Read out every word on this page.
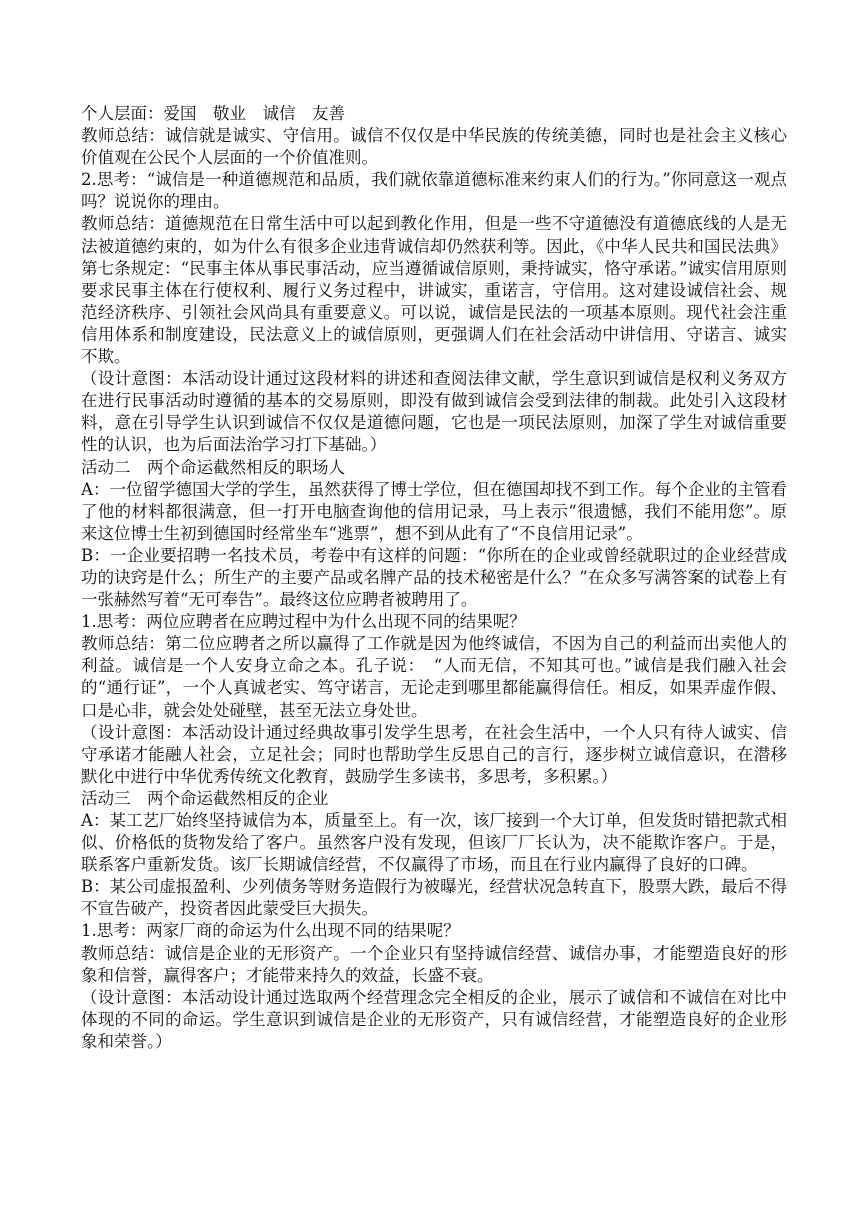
个人层面：爱国　敬业　诚信　友善
教师总结：诚信就是诚实、守信用。诚信不仅仅是中华民族的传统美德，同时也是社会主义核心价值观在公民个人层面的一个价值准则。
2.思考：“诚信是一种道德规范和品质，我们就依靠道德标准来约束人们的行为。”你同意这一观点吗？说说你的理由。
教师总结：道德规范在日常生活中可以起到教化作用，但是一些不守道德没有道德底线的人是无法被道德约束的，如为什么有很多企业违背诚信却仍然获利等。因此，《中华人民共和国民法典》第七条规定：“民事主体从事民事活动，应当遵循诚信原则，秉持诚实，恪守承诺。”诚实信用原则要求民事主体在行使权利、履行义务过程中，讲诚实，重诺言，守信用。这对建设诚信社会、规范经济秩序、引领社会风尚具有重要意义。可以说，诚信是民法的一项基本原则。现代社会注重信用体系和制度建设，民法意义上的诚信原则，更强调人们在社会活动中讲信用、守诺言、诚实不欺。
（设计意图：本活动设计通过这段材料的讲述和查阅法律文献，学生意识到诚信是权利义务双方在进行民事活动时遵循的基本的交易原则，即没有做到诚信会受到法律的制裁。此处引入这段材料，意在引导学生认识到诚信不仅仅是道德问题，它也是一项民法原则，加深了学生对诚信重要性的认识，也为后面法治学习打下基础。）
活动二　两个命运截然相反的职场人
A：一位留学德国大学的学生，虽然获得了博士学位，但在德国却找不到工作。每个企业的主管看了他的材料都很满意，但一打开电脑查询他的信用记录，马上表示“很遗憾，我们不能用您”。原来这位博士生初到德国时经常坐车“逃票”，想不到从此有了“不良信用记录”。
B：一企业要招聘一名技术员，考卷中有这样的问题：“你所在的企业或曾经就职过的企业经营成功的诀窍是什么；所生产的主要产品或名牌产品的技术秘密是什么？”在众多写满答案的试卷上有一张赫然写着“无可奉告”。最终这位应聘者被聘用了。
1.思考：两位应聘者在应聘过程中为什么出现不同的结果呢？
教师总结：第二位应聘者之所以赢得了工作就是因为他终诚信，不因为自己的利益而出卖他人的利益。诚信是一个人安身立命之本。孔子说：　“人而无信，不知其可也。”诚信是我们融入社会的“通行证”，一个人真诚老实、笃守诺言，无论走到哪里都能赢得信任。相反，如果弄虚作假、口是心非，就会处处碰壁，甚至无法立身处世。
（设计意图：本活动设计通过经典故事引发学生思考，在社会生活中，一个人只有待人诚实、信守承诺才能融人社会，立足社会；同时也帮助学生反思自己的言行，逐步树立诚信意识，在潜移默化中进行中华优秀传统文化教育，鼓励学生多读书，多思考，多积累。）
活动三　两个命运截然相反的企业
A：某工艺厂始终坚持诚信为本，质量至上。有一次，该厂接到一个大订单，但发货时错把款式相似、价格低的货物发给了客户。虽然客户没有发现，但该厂厂长认为，决不能欺诈客户。于是，联系客户重新发货。该厂长期诚信经营，不仅赢得了市场，而且在行业内赢得了良好的口碑。
B：某公司虚报盈利、少列债务等财务造假行为被曝光，经营状况急转直下，股票大跌，最后不得不宣告破产，投资者因此蒙受巨大损失。
1.思考：两家厂商的命运为什么出现不同的结果呢？
教师总结：诚信是企业的无形资产。一个企业只有坚持诚信经营、诚信办事，才能塑造良好的形象和信誉，赢得客户；才能带来持久的效益，长盛不衰。
（设计意图：本活动设计通过选取两个经营理念完全相反的企业，展示了诚信和不诚信在对比中体现的不同的命运。学生意识到诚信是企业的无形资产，只有诚信经营，才能塑造良好的企业形象和荣誉。）
